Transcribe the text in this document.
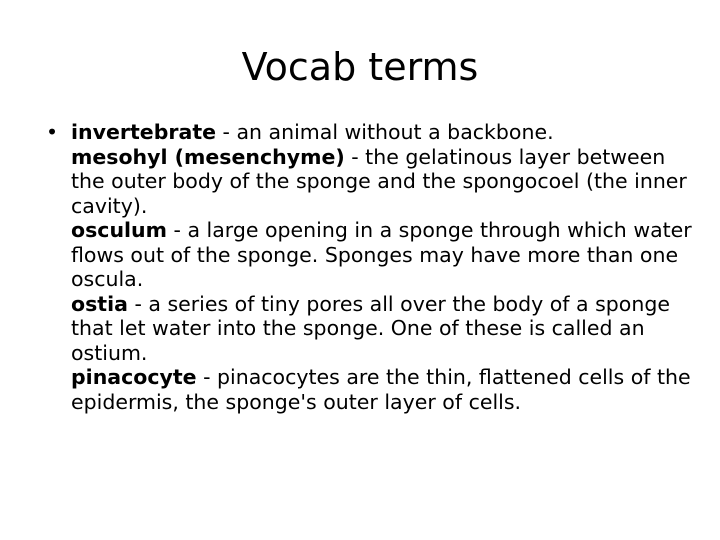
Vocab terms
• invertebrate - an animal without a backbone.
mesohyl (mesenchyme) - the gelatinous layer between the outer body of the sponge and the spongocoel (the inner cavity).
osculum - a large opening in a sponge through which water flows out of the sponge. Sponges may have more than one oscula.
ostia - a series of tiny pores all over the body of a sponge that let water into the sponge. One of these is called an ostium.
pinacocyte - pinacocytes are the thin, flattened cells of the epidermis, the sponge's outer layer of cells.
